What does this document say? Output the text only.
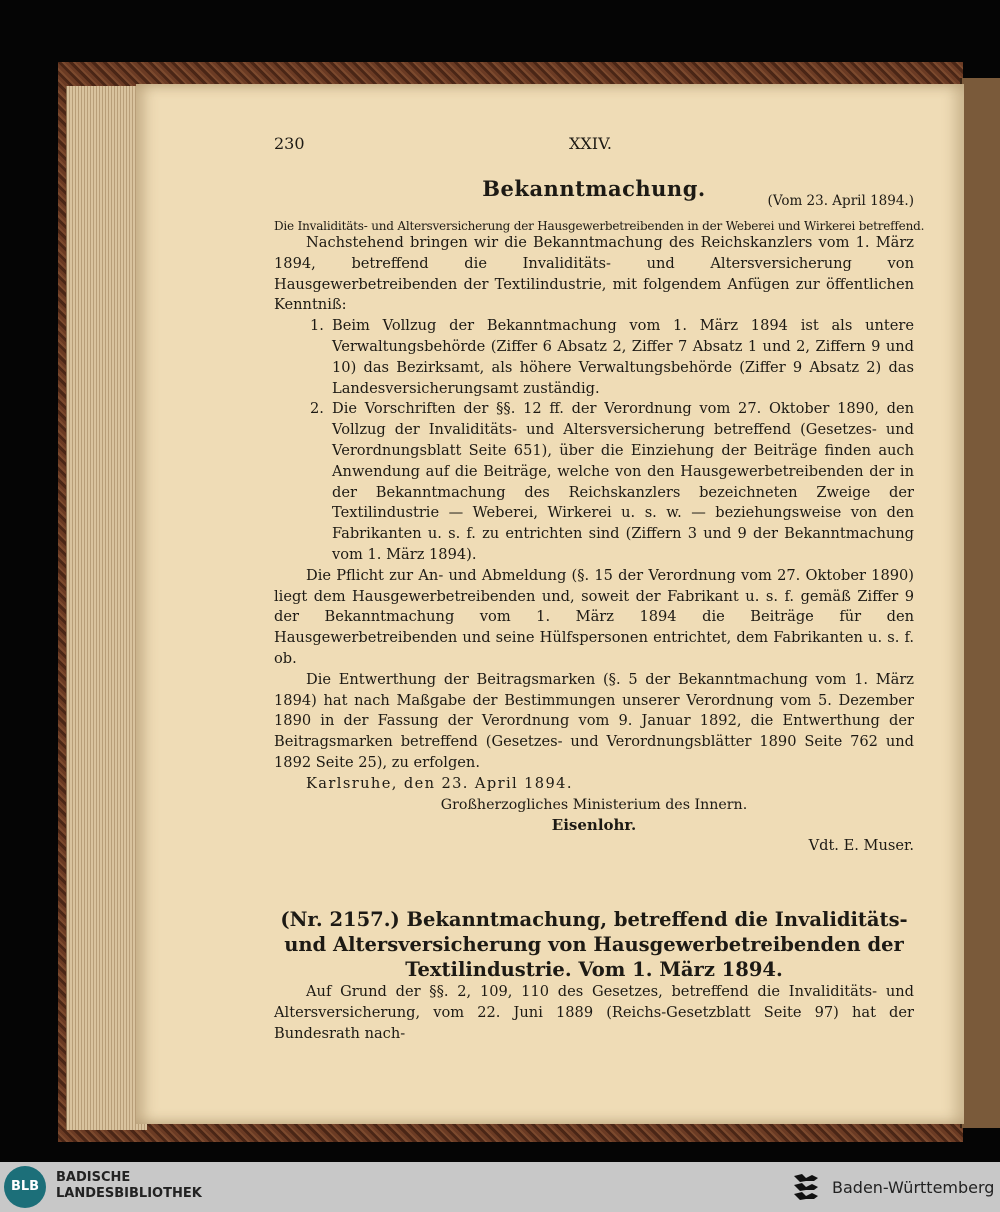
230	XXIV.
Bekanntmachung.	(Vom 23. April 1894.)
Die Invaliditäts- und Altersversicherung der Hausgewerbetreibenden in der Weberei und Wirkerei betreffend.

Nachstehend bringen wir die Bekanntmachung des Reichskanzlers vom 1. März 1894, betreffend die Invaliditäts- und Altersversicherung von Hausgewerbetreibenden der Textilindustrie, mit folgendem Anfügen zur öffentlichen Kenntniß:

1. Beim Vollzug der Bekanntmachung vom 1. März 1894 ist als untere Verwaltungsbehörde (Ziffer 6 Absatz 2, Ziffer 7 Absatz 1 und 2, Ziffern 9 und 10) das Bezirksamt, als höhere Verwaltungsbehörde (Ziffer 9 Absatz 2) das Landesversicherungsamt zuständig.
2. Die Vorschriften der §§. 12 ff. der Verordnung vom 27. Oktober 1890, den Vollzug der Invaliditäts- und Altersversicherung betreffend (Gesetzes- und Verordnungsblatt Seite 651), über die Einziehung der Beiträge finden auch Anwendung auf die Beiträge, welche von den Hausgewerbetreibenden der in der Bekanntmachung des Reichskanzlers bezeichneten Zweige der Textilindustrie — Weberei, Wirkerei u. s. w. — beziehungsweise von den Fabrikanten u. s. f. zu entrichten sind (Ziffern 3 und 9 der Bekanntmachung vom 1. März 1894).

Die Pflicht zur An- und Abmeldung (§. 15 der Verordnung vom 27. Oktober 1890) liegt dem Hausgewerbetreibenden und, soweit der Fabrikant u. s. f. gemäß Ziffer 9 der Bekanntmachung vom 1. März 1894 die Beiträge für den Hausgewerbetreibenden und seine Hülfspersonen entrichtet, dem Fabrikanten u. s. f. ob.

Die Entwerthung der Beitragsmarken (§. 5 der Bekanntmachung vom 1. März 1894) hat nach Maßgabe der Bestimmungen unserer Verordnung vom 5. Dezember 1890 in der Fassung der Verordnung vom 9. Januar 1892, die Entwerthung der Beitragsmarken betreffend (Gesetzes- und Verordnungsblätter 1890 Seite 762 und 1892 Seite 25), zu erfolgen.

Karlsruhe, den 23. April 1894.

Großherzogliches Ministerium des Innern.

Eisenlohr.

Vdt. E. Muser.

(Nr. 2157.) Bekanntmachung, betreffend die Invaliditäts- und Altersversicherung von Hausgewerbetreibenden der Textilindustrie. Vom 1. März 1894.

Auf Grund der §§. 2, 109, 110 des Gesetzes, betreffend die Invaliditäts- und Altersversicherung, vom 22. Juni 1889 (Reichs-Gesetzblatt Seite 97) hat der Bundesrath nach-

BLB
BADISCHE
LANDESBIBLIOTHEK	Baden-Württemberg
